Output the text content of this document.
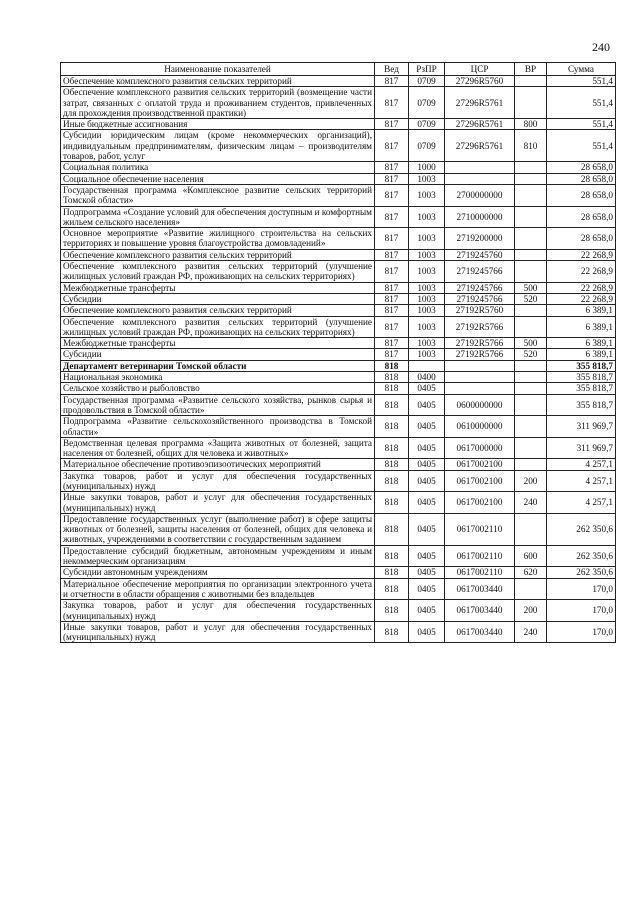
240
Наименование показателей	Вед	РзПР	ЦСР	ВР	Сумма
Обеспечение комплексного развития сельских территорий	817	0709	27296R5760		551,4
Обеспечение комплексного развития сельских территорий (возмещение части затрат, связанных с оплатой труда и проживанием студентов, привлеченных для прохождения производственной практики)	817	0709	27296R5761		551,4
Иные бюджетные ассигнования	817	0709	27296R5761	800	551,4
Субсидии юридическим лицам (кроме некоммерческих организаций), индивидуальным предпринимателям, физическим лицам – производителям товаров, работ, услуг	817	0709	27296R5761	810	551,4
Социальная политика	817	1000			28 658,0
Социальное обеспечение населения	817	1003			28 658,0
Государственная программа «Комплексное развитие сельских территорий Томской области»	817	1003	2700000000		28 658,0
Подпрограмма «Создание условий для обеспечения доступным и комфортным жильем сельского населения»	817	1003	2710000000		28 658,0
Основное мероприятие «Развитие жилищного строительства на сельских территориях и повышение уровня благоустройства домовладений»	817	1003	2719200000		28 658,0
Обеспечение комплексного развития сельских территорий	817	1003	2719245760		22 268,9
Обеспечение комплексного развития сельских территорий (улучшение жилищных условий граждан РФ, проживающих на сельских территориях)	817	1003	2719245766		22 268,9
Межбюджетные трансферты	817	1003	2719245766	500	22 268,9
Субсидии	817	1003	2719245766	520	22 268,9
Обеспечение комплексного развития сельских территорий	817	1003	27192R5760		6 389,1
Обеспечение комплексного развития сельских территорий (улучшение жилищных условий граждан РФ, проживающих на сельских территориях)	817	1003	27192R5766		6 389,1
Межбюджетные трансферты	817	1003	27192R5766	500	6 389,1
Субсидии	817	1003	27192R5766	520	6 389,1
Департамент ветеринарии Томской области	818				355 818,7
Национальная экономика	818	0400			355 818,7
Сельское хозяйство и рыболовство	818	0405			355 818,7
Государственная программа «Развитие сельского хозяйства, рынков сырья и продовольствия в Томской области»	818	0405	0600000000		355 818,7
Подпрограмма «Развитие сельскохозяйственного производства в Томской области»	818	0405	0610000000		311 969,7
Ведомственная целевая программа «Защита животных от болезней, защита населения от болезней, общих для человека и животных»	818	0405	0617000000		311 969,7
Материальное обеспечение противоэпизоотических мероприятий	818	0405	0617002100		4 257,1
Закупка товаров, работ и услуг для обеспечения государственных (муниципальных) нужд	818	0405	0617002100	200	4 257,1
Иные закупки товаров, работ и услуг для обеспечения государственных (муниципальных) нужд	818	0405	0617002100	240	4 257,1
Предоставление государственных услуг (выполнение работ) в сфере защиты животных от болезней, защиты населения от болезней, общих для человека и животных, учреждениями в соответствии с государственным заданием	818	0405	0617002110		262 350,6
Предоставление субсидий бюджетным, автономным учреждениям и иным некоммерческим организациям	818	0405	0617002110	600	262 350,6
Субсидии автономным учреждениям	818	0405	0617002110	620	262 350,6
Материальное обеспечение мероприятия по организации электронного учета и отчетности в области обращения с животными без владельцев	818	0405	0617003440		170,0
Закупка товаров, работ и услуг для обеспечения государственных (муниципальных) нужд	818	0405	0617003440	200	170,0
Иные закупки товаров, работ и услуг для обеспечения государственных (муниципальных) нужд	818	0405	0617003440	240	170,0
